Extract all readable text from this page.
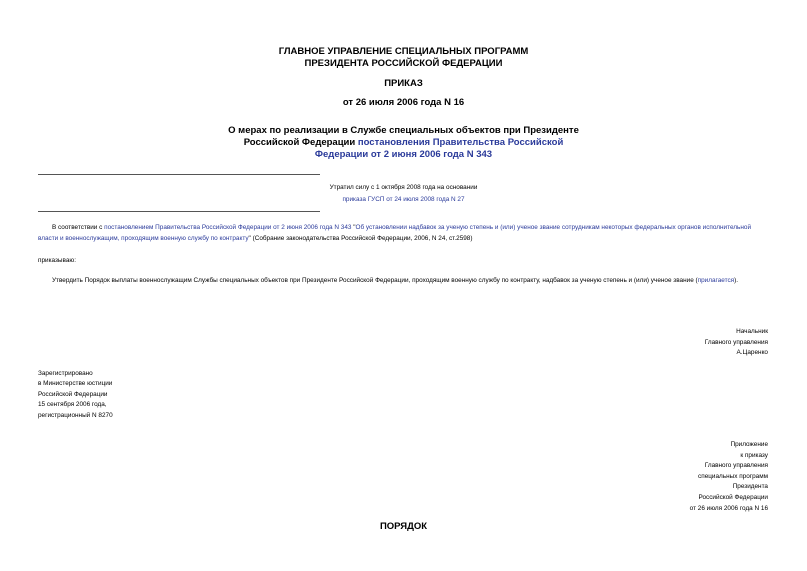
ГЛАВНОЕ УПРАВЛЕНИЕ СПЕЦИАЛЬНЫХ ПРОГРАММ
ПРЕЗИДЕНТА РОССИЙСКОЙ ФЕДЕРАЦИИ
ПРИКАЗ
от 26 июля 2006 года N 16
О мерах по реализации в Службе специальных объектов при Президенте
Российской Федерации постановления Правительства Российской
Федерации от 2 июня 2006 года N 343
Утратил силу с 1 октября 2008 года на основании
приказа ГУСП от 24 июля 2008 года N 27
В соответствии с постановлением Правительства Российской Федерации от 2 июня 2006 года N 343 "Об установлении надбавок за ученую степень и (или) ученое звание сотрудникам некоторых федеральных органов исполнительной власти и военнослужащим, проходящим военную службу по контракту" (Собрание законодательства Российской Федерации, 2006, N 24, ст.2598)
приказываю:
Утвердить Порядок выплаты военнослужащим Службы специальных объектов при Президенте Российской Федерации, проходящим военную службу по контракту, надбавок за ученую степень и (или) ученое звание (прилагается).
Начальник
Главного управления
А.Царенко
Зарегистрировано
в Министерстве юстиции
Российской Федерации
15 сентября 2006 года,
регистрационный N 8270
Приложение
к приказу
Главного управления
специальных программ
Президента
Российской Федерации
от 26 июля 2006 года N 16
ПОРЯДОК
